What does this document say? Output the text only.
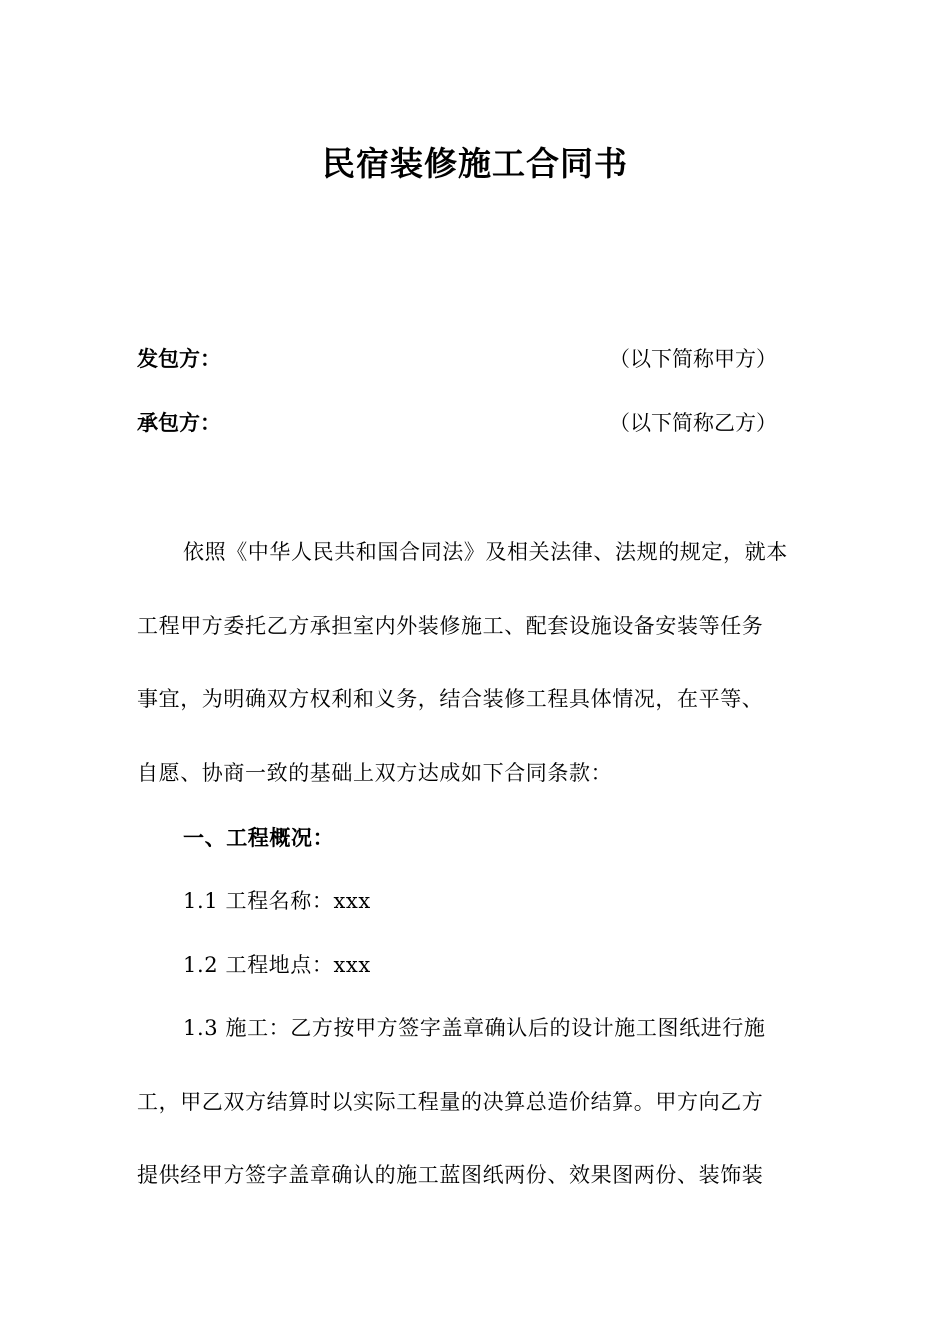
民宿装修施工合同书
发包方：	（以下简称甲方）
承包方：	（以下简称乙方）
依照《中华人民共和国合同法》及相关法律、法规的规定，就本
工程甲方委托乙方承担室内外装修施工、配套设施设备安装等任务
事宜，为明确双方权利和义务，结合装修工程具体情况，在平等、
自愿、协商一致的基础上双方达成如下合同条款：
一、工程概况：
1.1 工程名称：xxx
1.2 工程地点：xxx
1.3 施工：乙方按甲方签字盖章确认后的设计施工图纸进行施
工，甲乙双方结算时以实际工程量的决算总造价结算。甲方向乙方
提供经甲方签字盖章确认的施工蓝图纸两份、效果图两份、装饰装
